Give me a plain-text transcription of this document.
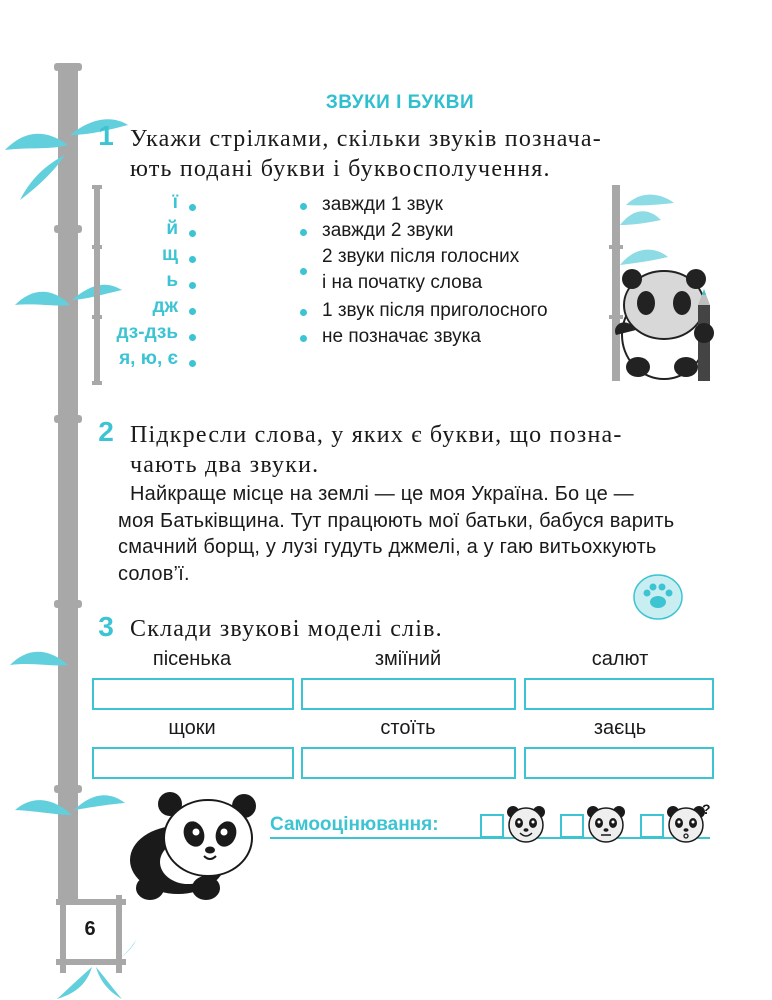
ЗВУКИ І БУКВИ
1 Укажи стрілками, скільки звуків познача-
ють подані букви і буквосполучення.
ї
й
щ
ь
дж
дз-дзь
я, ю, є
завжди 1 звук
завжди 2 звуки
2 звуки після голосних
і на початку слова
1 звук після приголосного
не позначає звука
2 Підкресли слова, у яких є букви, що позна-
чають два звуки.
Найкраще місце на землі — це моя Україна. Бо це —
моя Батьківщина. Тут працюють мої батьки, бабуся варить
смачний борщ, у лузі гудуть джмелі, а у гаю витьохкують
солов’ї.
3 Склади звукові моделі слів.
пісенька	зміїний	салют
щоки	стоїть	заєць
Самооцінювання:
?
6
